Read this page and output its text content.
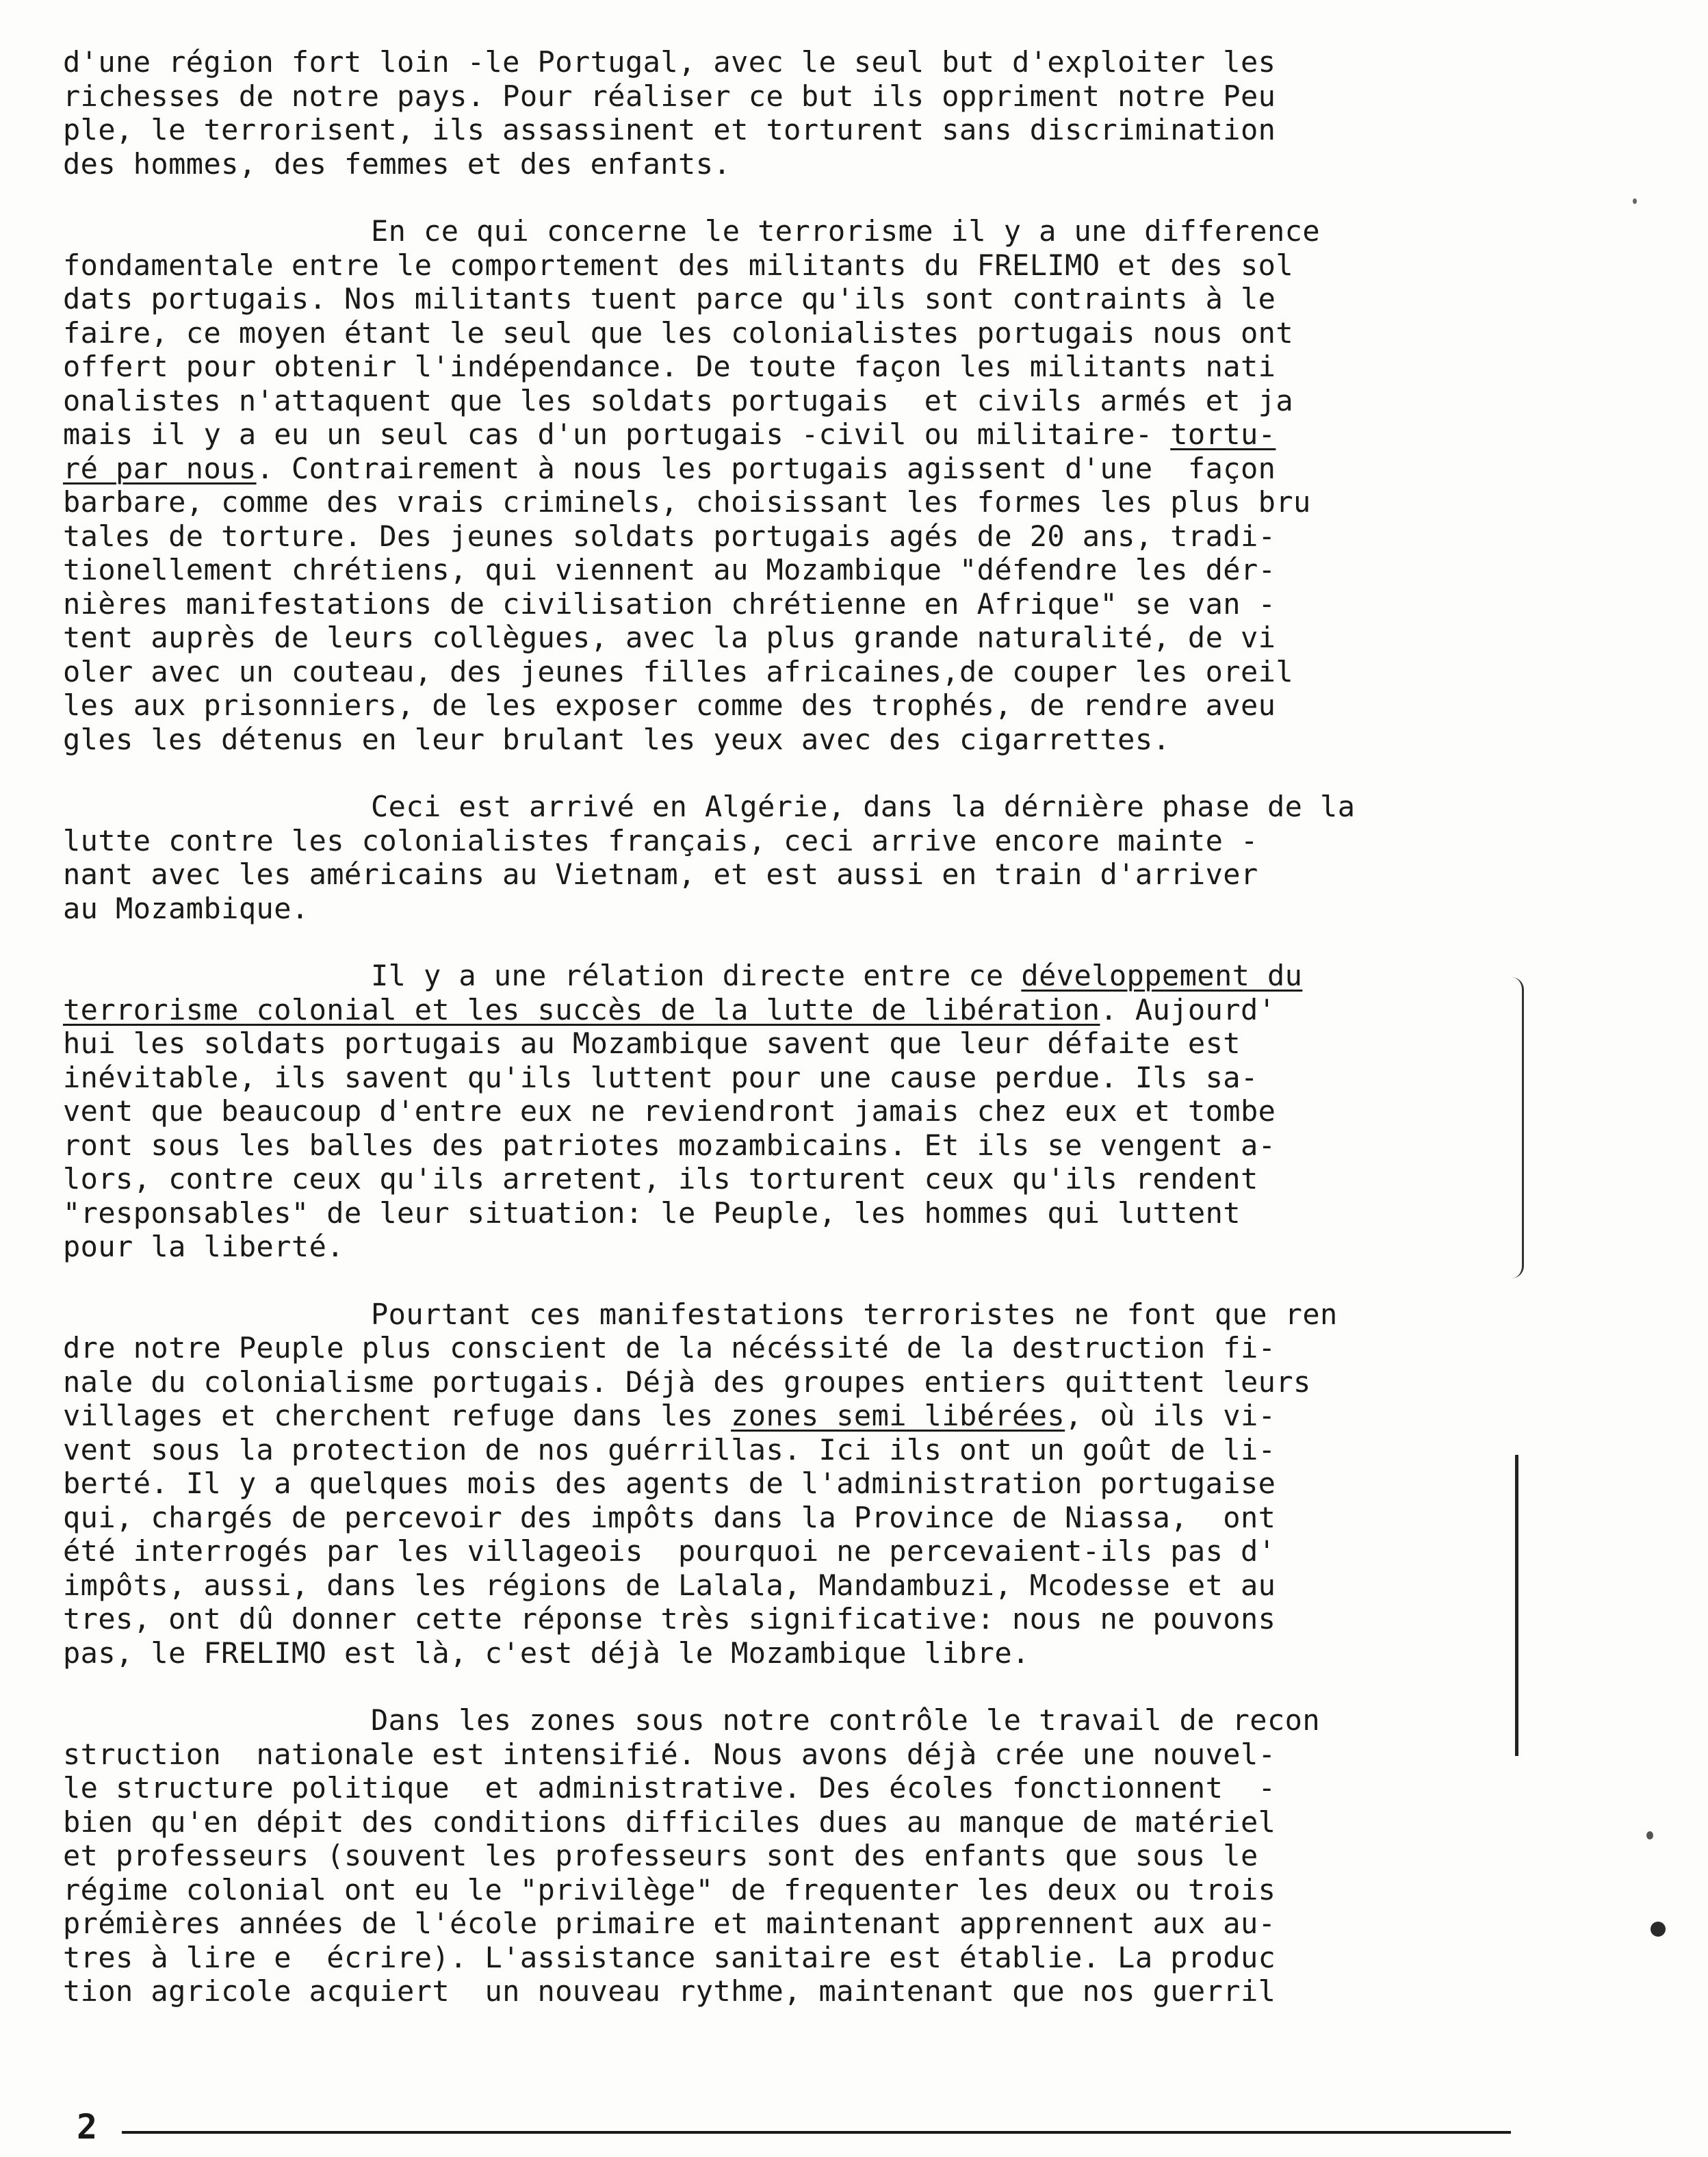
d'une région fort loin -le Portugal, avec le seul but d'exploiter les
richesses de notre pays. Pour réaliser ce but ils oppriment notre Peu
ple, le terrorisent, ils assassinent et torturent sans discrimination
des hommes, des femmes et des enfants.
En ce qui concerne le terrorisme il y a une difference
fondamentale entre le comportement des militants du FRELIMO et des sol
dats portugais. Nos militants tuent parce qu'ils sont contraints à le
faire, ce moyen étant le seul que les colonialistes portugais nous ont
offert pour obtenir l'indépendance. De toute façon les militants nati
onalistes n'attaquent que les soldats portugais  et civils armés et ja
mais il y a eu un seul cas d'un portugais -civil ou militaire- tortu-
ré par nous. Contrairement à nous les portugais agissent d'une  façon
barbare, comme des vrais criminels, choisissant les formes les plus bru
tales de torture. Des jeunes soldats portugais agés de 20 ans, tradi-
tionellement chrétiens, qui viennent au Mozambique "défendre les dér-
nières manifestations de civilisation chrétienne en Afrique" se van -
tent auprès de leurs collègues, avec la plus grande naturalité, de vi
oler avec un couteau, des jeunes filles africaines,de couper les oreil
les aux prisonniers, de les exposer comme des trophés, de rendre aveu
gles les détenus en leur brulant les yeux avec des cigarrettes.
Ceci est arrivé en Algérie, dans la dérnière phase de la
lutte contre les colonialistes français, ceci arrive encore mainte -
nant avec les américains au Vietnam, et est aussi en train d'arriver
au Mozambique.
Il y a une rélation directe entre ce développement du
terrorisme colonial et les succès de la lutte de libération. Aujourd'
hui les soldats portugais au Mozambique savent que leur défaite est
inévitable, ils savent qu'ils luttent pour une cause perdue. Ils sa-
vent que beaucoup d'entre eux ne reviendront jamais chez eux et tombe
ront sous les balles des patriotes mozambicains. Et ils se vengent a-
lors, contre ceux qu'ils arretent, ils torturent ceux qu'ils rendent
"responsables" de leur situation: le Peuple, les hommes qui luttent
pour la liberté.
Pourtant ces manifestations terroristes ne font que ren
dre notre Peuple plus conscient de la nécéssité de la destruction fi-
nale du colonialisme portugais. Déjà des groupes entiers quittent leurs
villages et cherchent refuge dans les zones semi libérées, où ils vi-
vent sous la protection de nos guérrillas. Ici ils ont un goût de li-
berté. Il y a quelques mois des agents de l'administration portugaise
qui, chargés de percevoir des impôts dans la Province de Niassa,  ont
été interrogés par les villageois  pourquoi ne percevaient-ils pas d'
impôts, aussi, dans les régions de Lalala, Mandambuzi, Mcodesse et au
tres, ont dû donner cette réponse très significative: nous ne pouvons
pas, le FRELIMO est là, c'est déjà le Mozambique libre.
Dans les zones sous notre contrôle le travail de recon
struction  nationale est intensifié. Nous avons déjà crée une nouvel-
le structure politique  et administrative. Des écoles fonctionnent  -
bien qu'en dépit des conditions difficiles dues au manque de matériel
et professeurs (souvent les professeurs sont des enfants que sous le
régime colonial ont eu le "privilège" de frequenter les deux ou trois
prémières années de l'école primaire et maintenant apprennent aux au-
tres à lire e  écrire). L'assistance sanitaire est établie. La produc
tion agricole acquiert  un nouveau rythme, maintenant que nos guerril
2
